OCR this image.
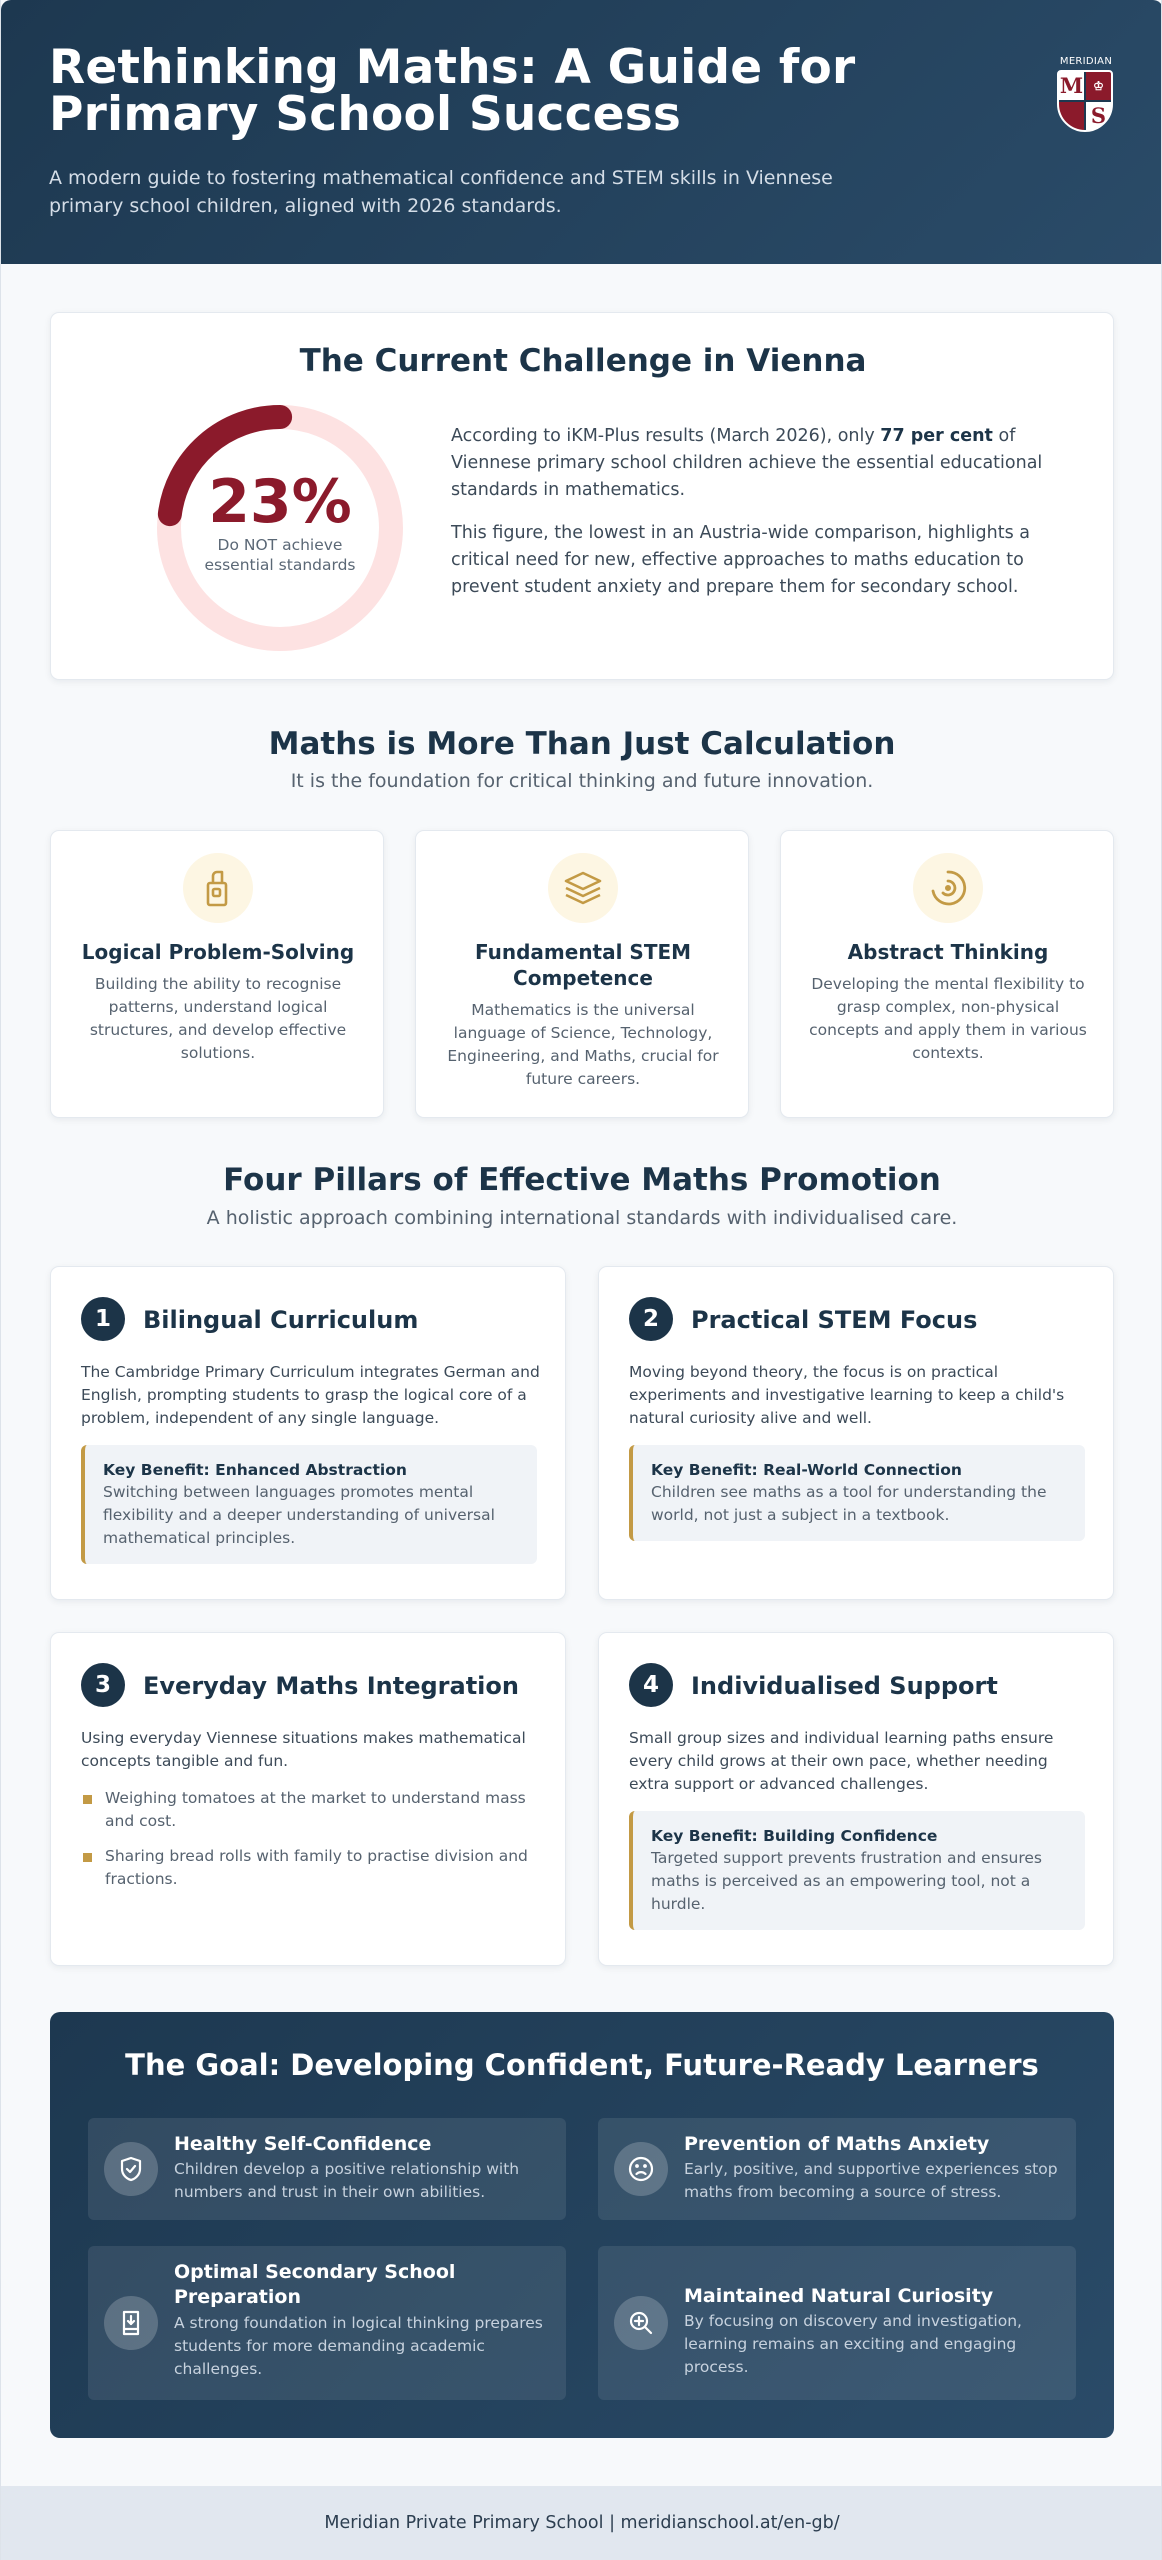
Rethinking Maths: A Guide for Primary School Success

A modern guide to fostering mathematical confidence and STEM skills in Viennese primary school children, aligned with 2026 standards.

MERIDIAN
M ♔
S
The Current Challenge in Vienna
23%
Do NOT achieve essential standards

According to iKM-Plus results (March 2026), only 77 per cent of Viennese primary school children achieve the essential educational standards in mathematics.

This figure, the lowest in an Austria-wide comparison, highlights a critical need for new, effective approaches to maths education to prevent student anxiety and prepare them for secondary school.

Maths is More Than Just Calculation
It is the foundation for critical thinking and future innovation.
Logical Problem-Solving

Building the ability to recognise patterns, understand logical structures, and develop effective solutions.

Fundamental STEM Competence

Mathematics is the universal language of Science, Technology, Engineering, and Maths, crucial for future careers.

Abstract Thinking

Developing the mental flexibility to grasp complex, non-physical concepts and apply them in various contexts.

Four Pillars of Effective Maths Promotion
A holistic approach combining international standards with individualised care.
1	Bilingual Curriculum
The Cambridge Primary Curriculum integrates German and English, prompting students to grasp the logical core of a problem, independent of any single language.
Key Benefit: Enhanced Abstraction
Switching between languages promotes mental flexibility and a deeper understanding of universal mathematical principles.
2	Practical STEM Focus
Moving beyond theory, the focus is on practical experiments and investigative learning to keep a child's natural curiosity alive and well.
Key Benefit: Real-World Connection
Children see maths as a tool for understanding the world, not just a subject in a textbook.
3	Everyday Maths Integration
Using everyday Viennese situations makes mathematical concepts tangible and fun.
Weighing tomatoes at the market to understand mass and cost.
Sharing bread rolls with family to practise division and fractions.
4	Individualised Support
Small group sizes and individual learning paths ensure every child grows at their own pace, whether needing extra support or advanced challenges.
Key Benefit: Building Confidence
Targeted support prevents frustration and ensures maths is perceived as an empowering tool, not a hurdle.
The Goal: Developing Confident, Future-Ready Learners
Healthy Self-Confidence
Children develop a positive relationship with numbers and trust in their own abilities.
Prevention of Maths Anxiety
Early, positive, and supportive experiences stop maths from becoming a source of stress.
Optimal Secondary School Preparation
A strong foundation in logical thinking prepares students for more demanding academic challenges.
Maintained Natural Curiosity
By focusing on discovery and investigation, learning remains an exciting and engaging process.
Meridian Private Primary School | meridianschool.at/en-gb/
